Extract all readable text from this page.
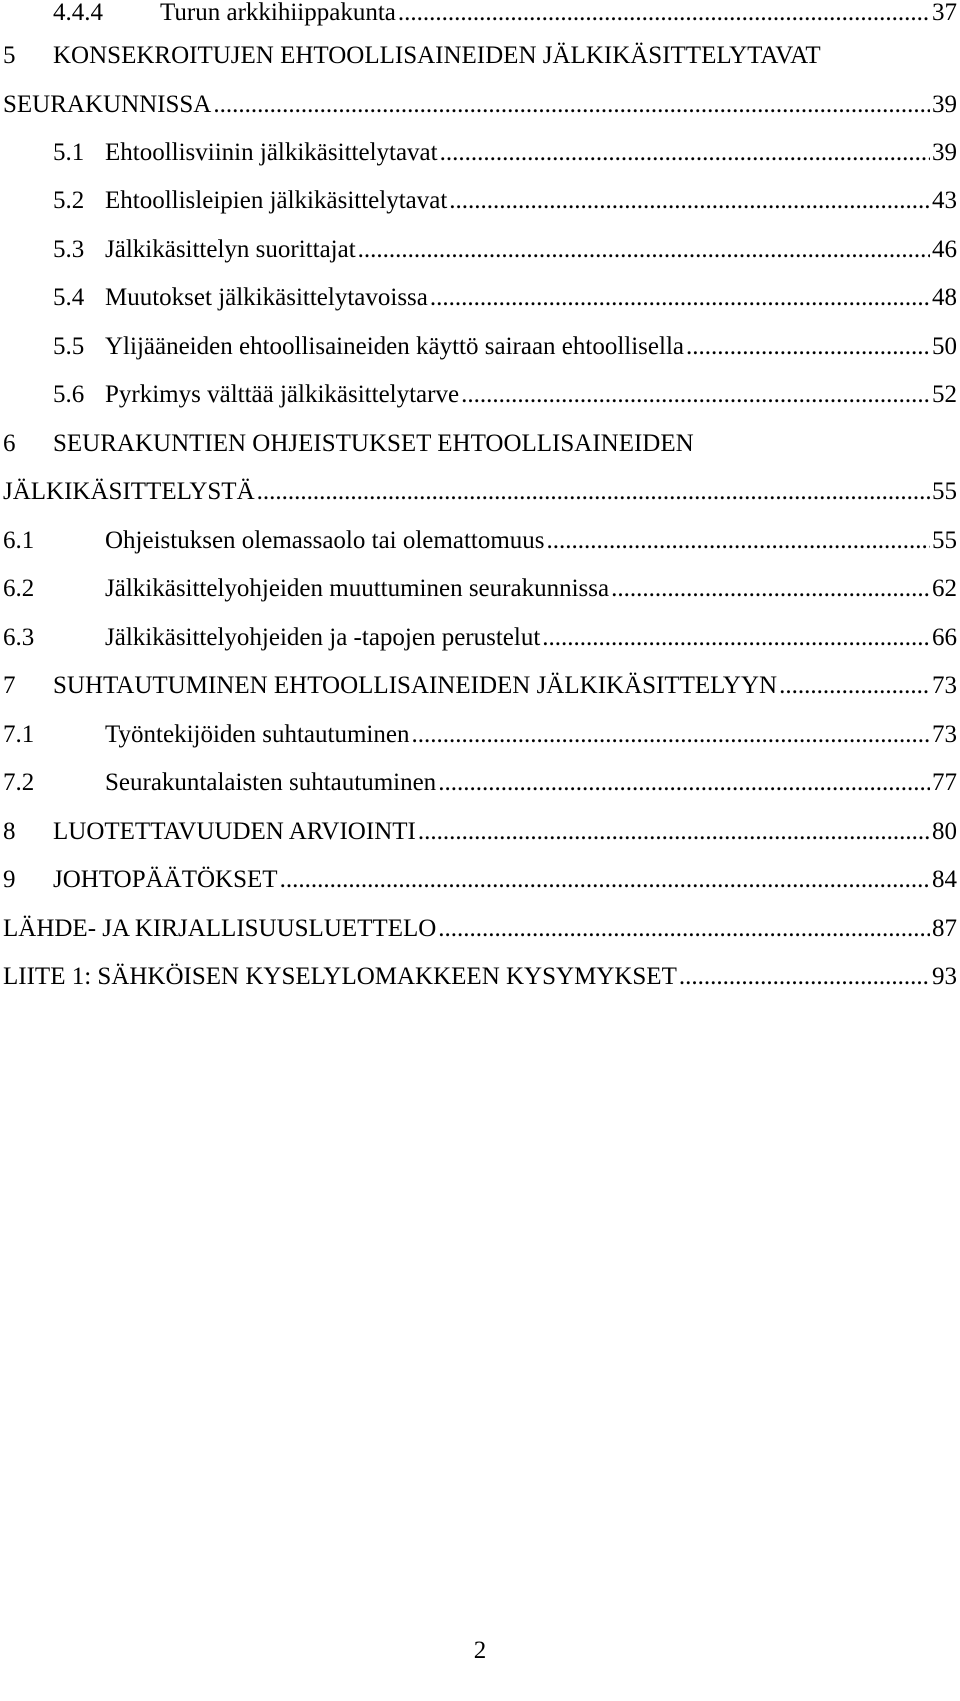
4.4.4 Turun arkkihiippakunta .....	37
5 KONSEKROITUJEN EHTOOLLISAINEIDEN JÄLKIKÄSITTELYTAVAT
SEURAKUNNISSA .....	39
5.1 Ehtoollisviinin jälkikäsittelytavat .....	39
5.2 Ehtoollisleipien jälkikäsittelytavat .....	43
5.3 Jälkikäsittelyn suorittajat .....	46
5.4 Muutokset jälkikäsittelytavoissa .....	48
5.5 Ylijääneiden ehtoollisaineiden käyttö sairaan ehtoollisella .....	50
5.6 Pyrkimys välttää jälkikäsittelytarve .....	52
6 SEURAKUNTIEN OHJEISTUKSET EHTOOLLISAINEIDEN
JÄLKIKÄSITTELYSTÄ .....	55
6.1	Ohjeistuksen olemassaolo tai olemattomuus .....	55
6.2	Jälkikäsittelyohjeiden muuttuminen seurakunnissa .....	62
6.3	Jälkikäsittelyohjeiden ja -tapojen perustelut .....	66
7 SUHTAUTUMINEN EHTOOLLISAINEIDEN JÄLKIKÄSITTELYYN .....	73
7.1	Työntekijöiden suhtautuminen .....	73
7.2	Seurakuntalaisten suhtautuminen .....	77
8 LUOTETTAVUUDEN ARVIOINTI .....	80
9 JOHTOPÄÄTÖKSET .....	84
LÄHDE- JA KIRJALLISUUSLUETTELO .....	87
LIITE 1: SÄHKÖISEN KYSELYLOMAKKEEN KYSYMYKSET .....	93
2
